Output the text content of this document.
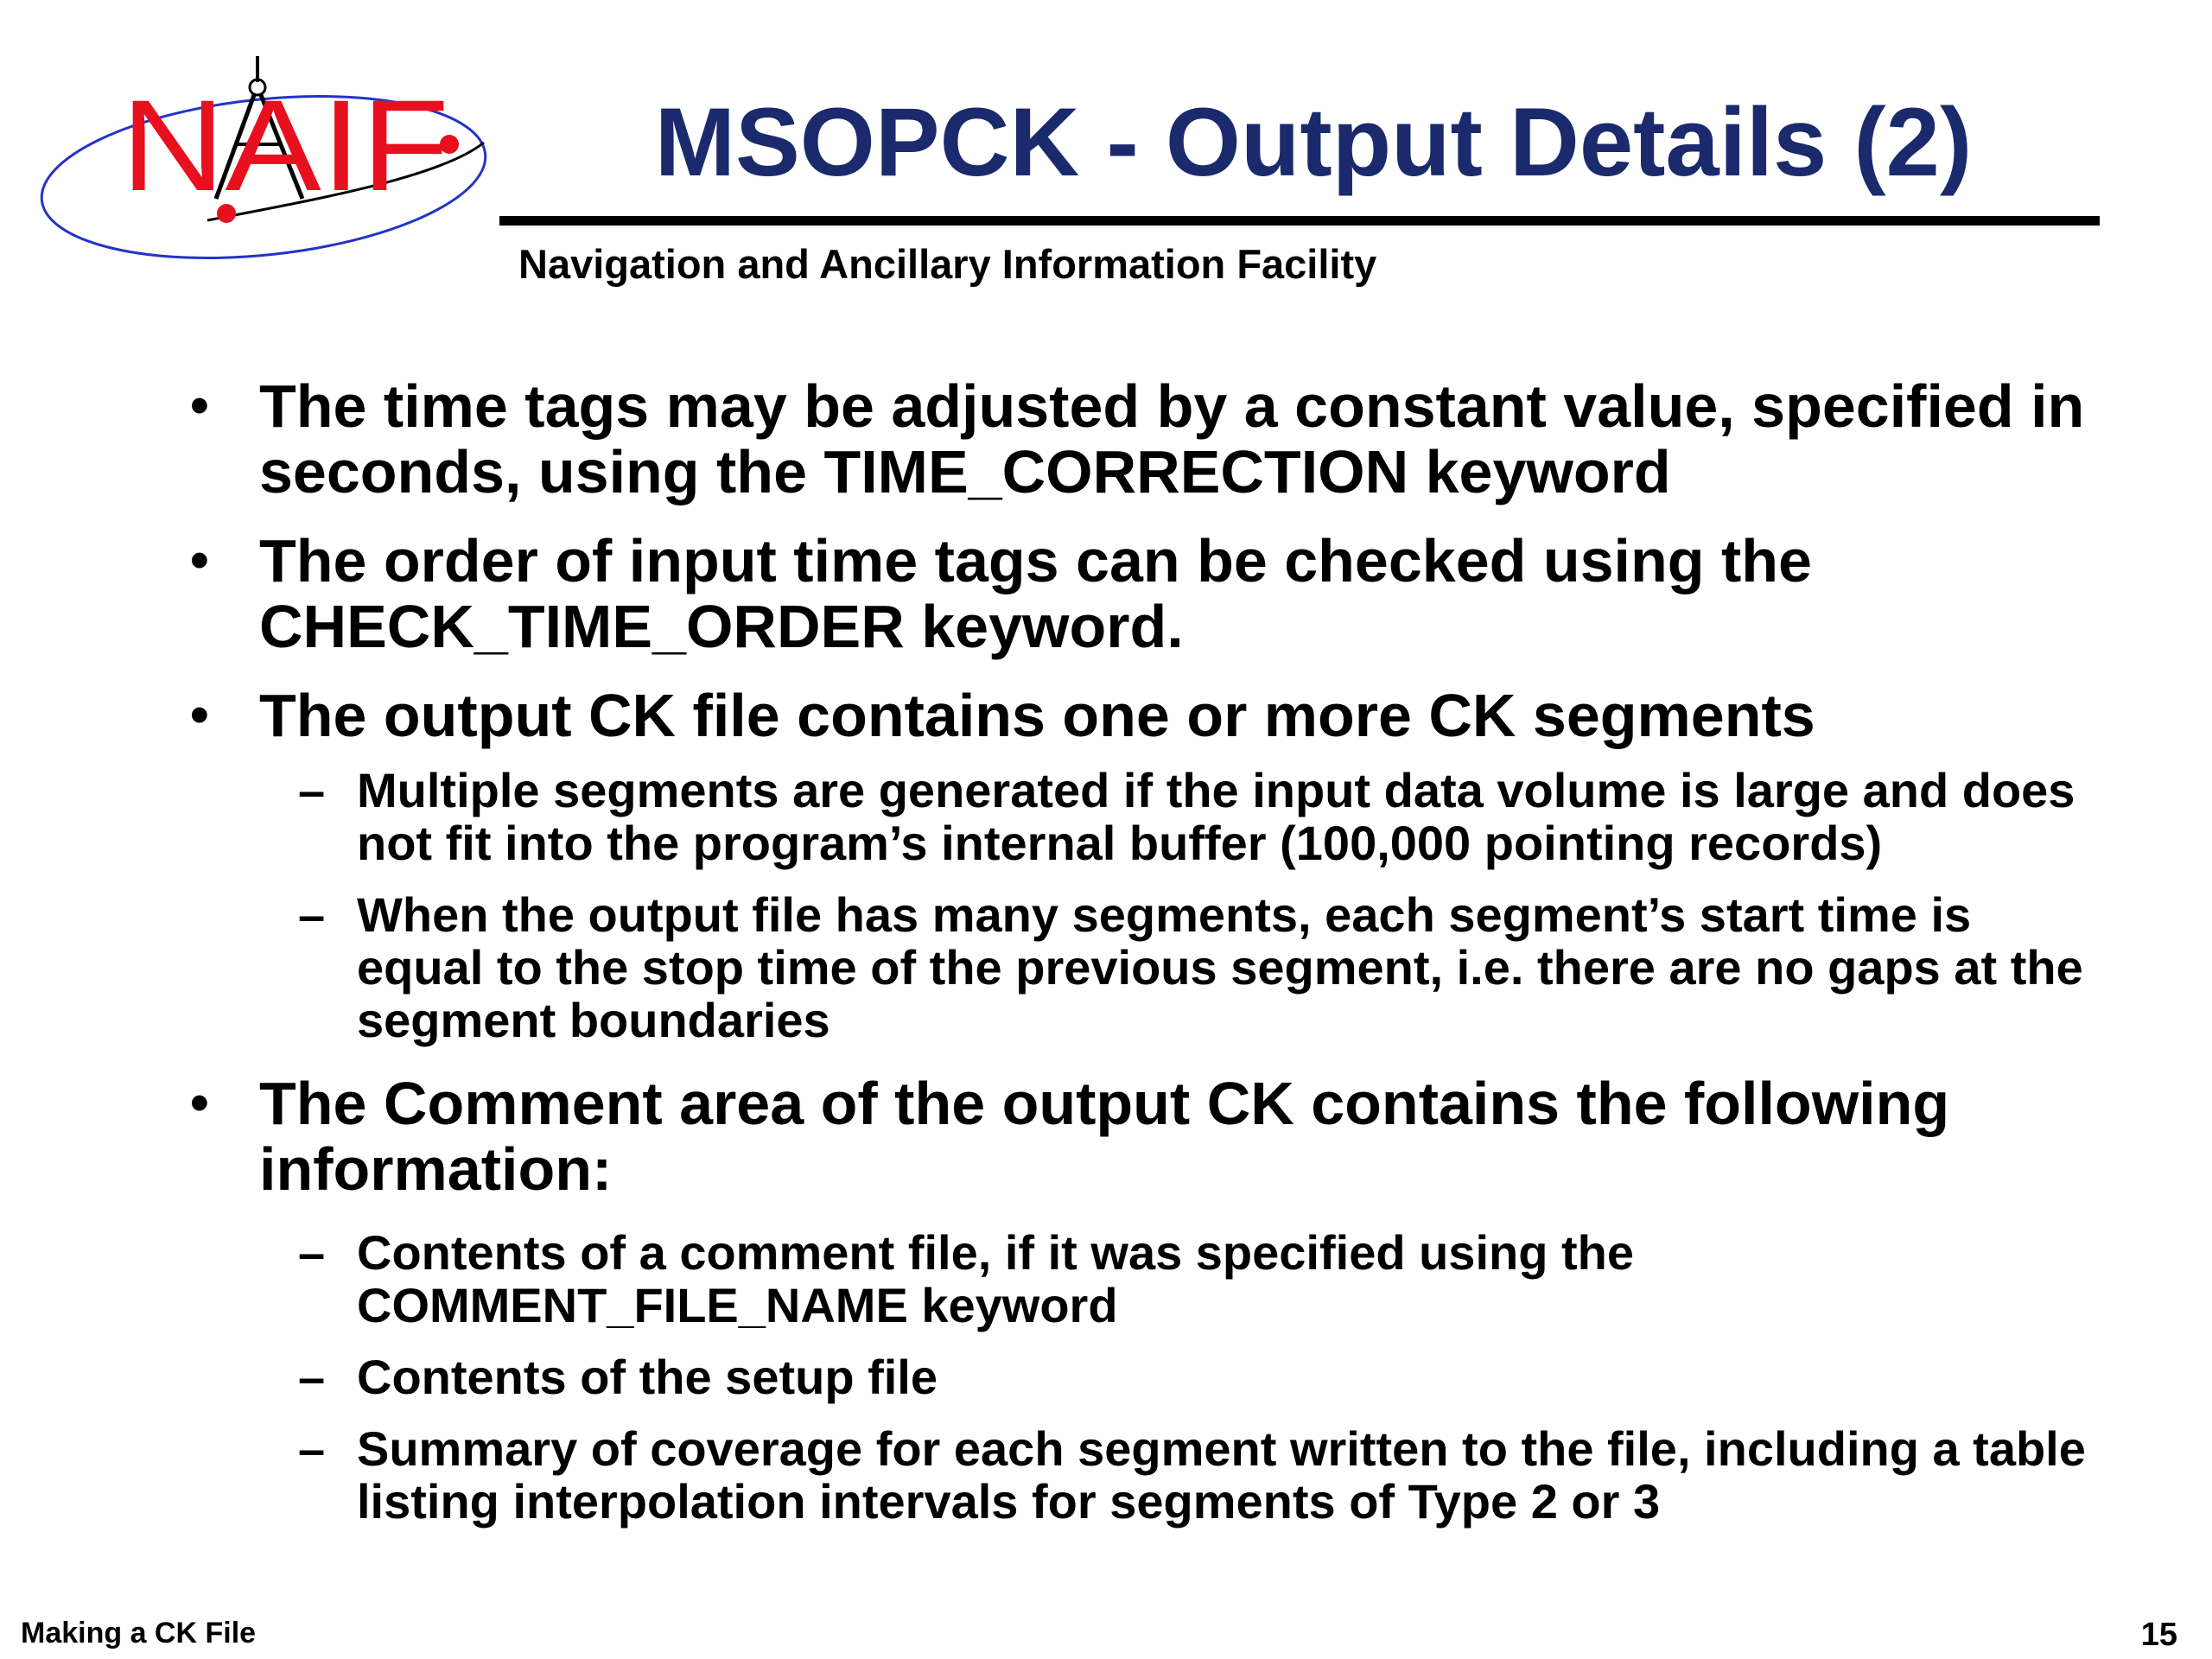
NAIF	MSOPCK - Output Details (2)
Navigation and Ancillary Information Facility
• The time tags may be adjusted by a constant value, specified in seconds, using the TIME_CORRECTION keyword
• The order of input time tags can be checked using the CHECK_TIME_ORDER keyword.
• The output CK file contains one or more CK segments
– Multiple segments are generated if the input data volume is large and does not fit into the program’s internal buffer (100,000 pointing records)
– When the output file has many segments, each segment’s start time is equal to the stop time of the previous segment, i.e. there are no gaps at the segment boundaries
• The Comment area of the output CK contains the following information:
– Contents of a comment file, if it was specified using the COMMENT_FILE_NAME keyword
– Contents of the setup file
– Summary of coverage for each segment written to the file, including a table listing interpolation intervals for segments of Type 2 or 3
Making a CK File	15
